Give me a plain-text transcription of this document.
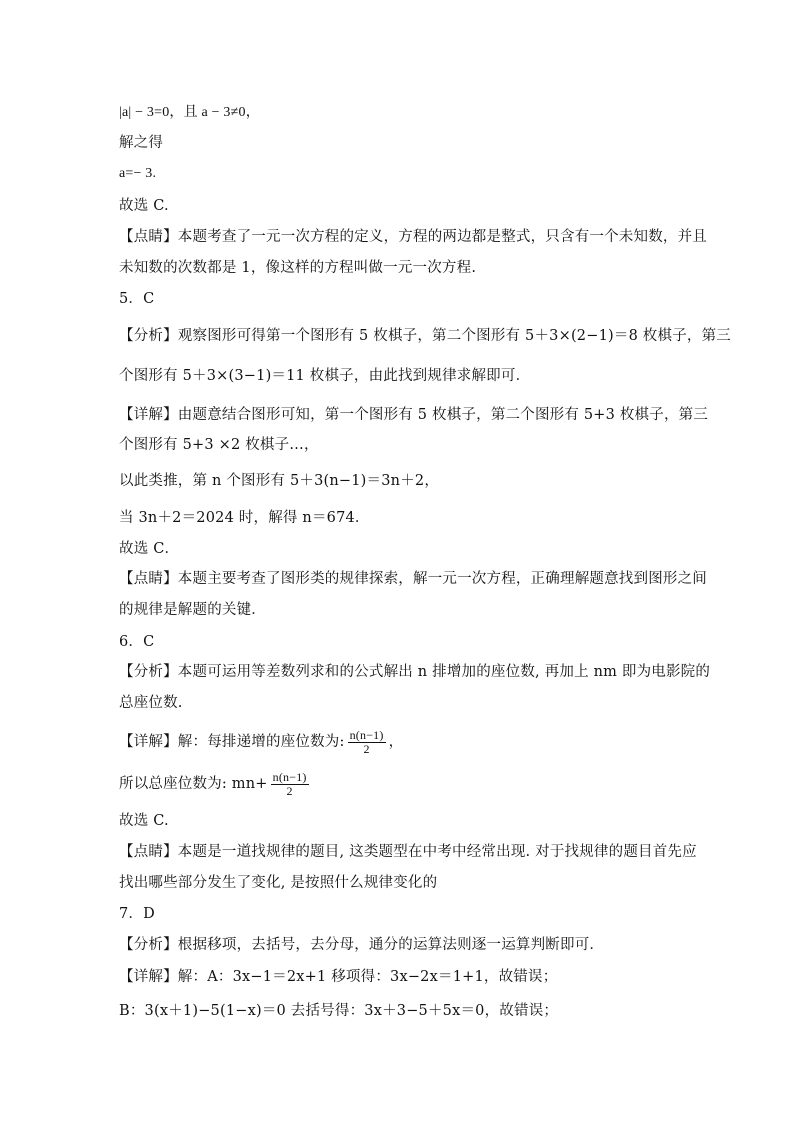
|a| − 3=0，且 a − 3≠0，
解之得
a=− 3.
故选 C.
【点睛】本题考查了一元一次方程的定义，方程的两边都是整式，只含有一个未知数，并且
未知数的次数都是 1，像这样的方程叫做一元一次方程.
5．C
【分析】观察图形可得第一个图形有 5 枚棋子，第二个图形有 5＋3×(2−1)＝8 枚棋子，第三
个图形有 5＋3×(3−1)＝11 枚棋子，由此找到规律求解即可．
【详解】由题意结合图形可知，第一个图形有 5 枚棋子，第二个图形有 5+3 枚棋子，第三
个图形有 5+3 ×2 枚棋子…，
以此类推，第 n 个图形有 5＋3(n−1)＝3n＋2，
当 3n＋2＝2024 时，解得 n＝674．
故选 C．
【点睛】本题主要考查了图形类的规律探索，解一元一次方程，正确理解题意找到图形之间
的规律是解题的关键．
6．C
【分析】本题可运用等差数列求和的公式解出 n 排增加的座位数, 再加上 nm 即为电影院的
总座位数.
【详解】解：每排递增的座位数为: $\frac{n(n-1)}{2}$ ，
所以总座位数为: $mn+ \frac{n(n-1)}{2}$
故选 C.
【点睛】本题是一道找规律的题目, 这类题型在中考中经常出现. 对于找规律的题目首先应
找出哪些部分发生了变化, 是按照什么规律变化的
7．D
【分析】根据移项，去括号，去分母，通分的运算法则逐一运算判断即可．
【详解】解：A：3x−1＝2x+1 移项得：3x−2x＝1+1，故错误；
B：3(x＋1)−5(1−x)＝0 去括号得：3x＋3−5＋5x＝0，故错误；
